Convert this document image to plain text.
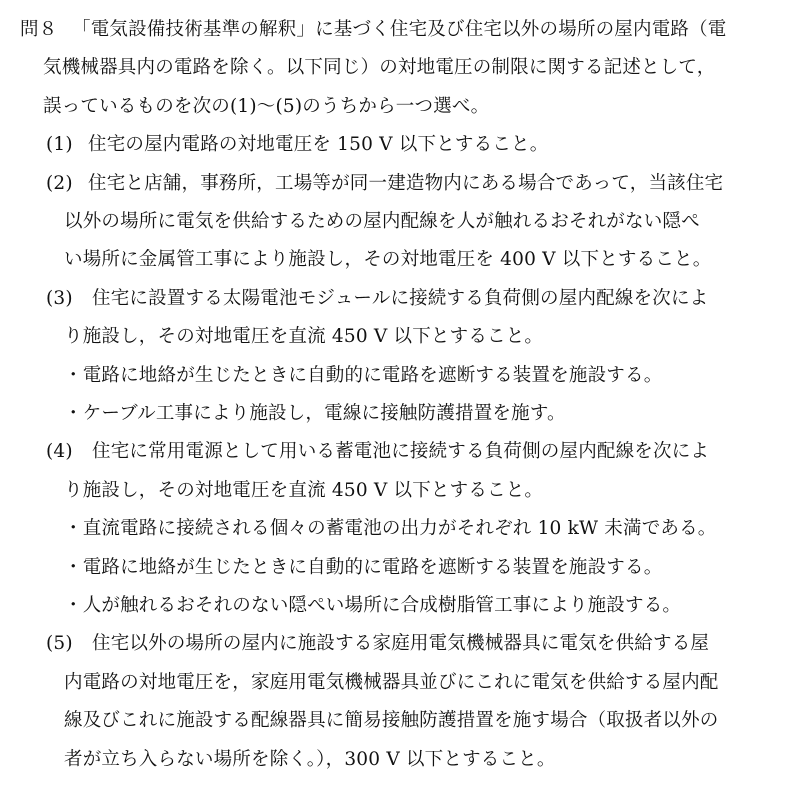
問８ 「電気設備技術基準の解釈」に基づく住宅及び住宅以外の場所の屋内電路（電
気機械器具内の電路を除く。以下同じ）の対地電圧の制限に関する記述として，
誤っているものを次の(1)～(5)のうちから一つ選べ。
(1) 住宅の屋内電路の対地電圧を 150 V 以下とすること。
(2) 住宅と店舗，事務所，工場等が同一建造物内にある場合であって，当該住宅
以外の場所に電気を供給するための屋内配線を人が触れるおそれがない隠ぺ
い場所に金属管工事により施設し，その対地電圧を 400 V 以下とすること。
(3) 住宅に設置する太陽電池モジュールに接続する負荷側の屋内配線を次によ
り施設し，その対地電圧を直流 450 V 以下とすること。
・電路に地絡が生じたときに自動的に電路を遮断する装置を施設する。
・ケーブル工事により施設し，電線に接触防護措置を施す。
(4) 住宅に常用電源として用いる蓄電池に接続する負荷側の屋内配線を次によ
り施設し，その対地電圧を直流 450 V 以下とすること。
・直流電路に接続される個々の蓄電池の出力がそれぞれ 10 kW 未満である。
・電路に地絡が生じたときに自動的に電路を遮断する装置を施設する。
・人が触れるおそれのない隠ぺい場所に合成樹脂管工事により施設する。
(5) 住宅以外の場所の屋内に施設する家庭用電気機械器具に電気を供給する屋
内電路の対地電圧を，家庭用電気機械器具並びにこれに電気を供給する屋内配
線及びこれに施設する配線器具に簡易接触防護措置を施す場合（取扱者以外の
者が立ち入らない場所を除く。），300 V 以下とすること。
